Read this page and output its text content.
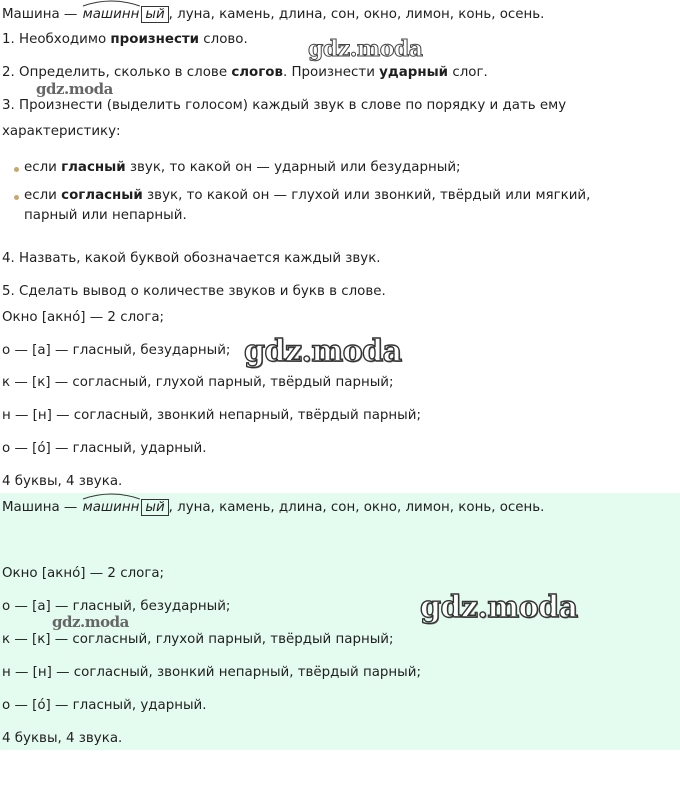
Машина —
машинн ый , луна, камень, длина, сон, окно, лимон, конь, осень.
1. Необходимо произнести слово.
2. Определить, сколько в слове слогов. Произнести ударный слог.
3. Произнести (выделить голосом) каждый звук в слове по порядку и дать ему
характеристику:
если гласный звук, то какой он — ударный или безударный;
если согласный звук, то какой он — глухой или звонкий, твёрдый или мягкий,
парный или непарный.
4. Назвать, какой буквой обозначается каждый звук.
5. Сделать вывод о количестве звуков и букв в слове.
Окно [акно́] — 2 слога;
о — [а] — гласный, безударный;
к — [к] — согласный, глухой парный, твёрдый парный;
н — [н] — согласный, звонкий непарный, твёрдый парный;
о — [о́] — гласный, ударный.
4 буквы, 4 звука.
Машина —
машинн ый , луна, камень, длина, сон, окно, лимон, конь, осень.
Окно [акно́] — 2 слога;
о — [а] — гласный, безударный;
к — [к] — согласный, глухой парный, твёрдый парный;
н — [н] — согласный, звонкий непарный, твёрдый парный;
о — [о́] — гласный, ударный.
4 буквы, 4 звука.
gdz.moda
gdz.moda
gdz.moda
gdz.moda
gdz.moda
